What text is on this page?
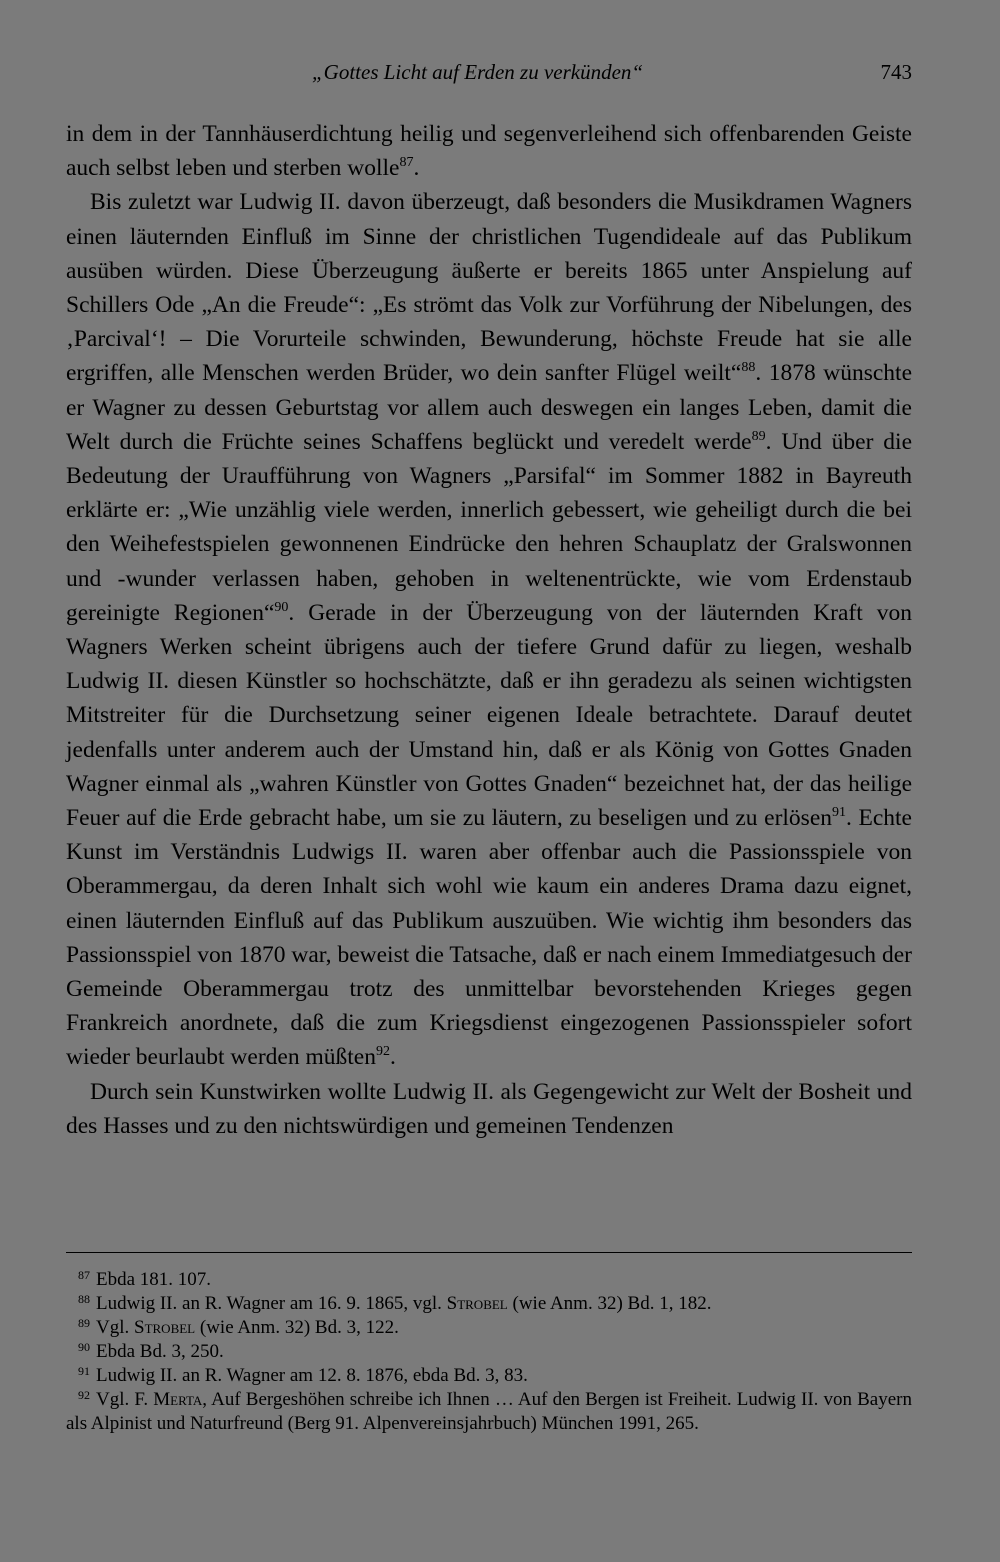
„Gottes Licht auf Erden zu verkünden“	743

in dem in der Tannhäuserdichtung heilig und segenverleihend sich offenbarenden Geiste auch selbst leben und sterben wolle$^{87}$.

Bis zuletzt war Ludwig II. davon überzeugt, daß besonders die Musikdramen Wagners einen läuternden Einfluß im Sinne der christlichen Tugendideale auf das Publikum ausüben würden. Diese Überzeugung äußerte er bereits 1865 unter Anspielung auf Schillers Ode „An die Freude“: „Es strömt das Volk zur Vorführung der Nibelungen, des ‚Parcival‘! – Die Vorurteile schwinden, Bewunderung, höchste Freude hat sie alle ergriffen, alle Menschen werden Brüder, wo dein sanfter Flügel weilt“$^{88}$. 1878 wünschte er Wagner zu dessen Geburtstag vor allem auch deswegen ein langes Leben, damit die Welt durch die Früchte seines Schaffens beglückt und veredelt werde$^{89}$. Und über die Bedeutung der Uraufführung von Wagners „Parsifal“ im Sommer 1882 in Bayreuth erklärte er: „Wie unzählig viele werden, innerlich gebessert, wie geheiligt durch die bei den Weihefestspielen gewonnenen Eindrücke den hehren Schauplatz der Gralswonnen und -wunder verlassen haben, gehoben in weltenentrückte, wie vom Erdenstaub gereinigte Regionen“$^{90}$. Gerade in der Überzeugung von der läuternden Kraft von Wagners Werken scheint übrigens auch der tiefere Grund dafür zu liegen, weshalb Ludwig II. diesen Künstler so hochschätzte, daß er ihn geradezu als seinen wichtigsten Mitstreiter für die Durchsetzung seiner eigenen Ideale betrachtete. Darauf deutet jedenfalls unter anderem auch der Umstand hin, daß er als König von Gottes Gnaden Wagner einmal als „wahren Künstler von Gottes Gnaden“ bezeichnet hat, der das heilige Feuer auf die Erde gebracht habe, um sie zu läutern, zu beseligen und zu erlösen$^{91}$. Echte Kunst im Verständnis Ludwigs II. waren aber offenbar auch die Passionsspiele von Oberammergau, da deren Inhalt sich wohl wie kaum ein anderes Drama dazu eignet, einen läuternden Einfluß auf das Publikum auszuüben. Wie wichtig ihm besonders das Passionsspiel von 1870 war, beweist die Tatsache, daß er nach einem Immediatgesuch der Gemeinde Oberammergau trotz des unmittelbar bevorstehenden Krieges gegen Frankreich anordnete, daß die zum Kriegsdienst eingezogenen Passionsspieler sofort wieder beurlaubt werden müßten$^{92}$.

Durch sein Kunstwirken wollte Ludwig II. als Gegengewicht zur Welt der Bosheit und des Hasses und zu den nichtswürdigen und gemeinen Tendenzen

87 Ebda 181. 107.

88 Ludwig II. an R. Wagner am 16. 9. 1865, vgl. Strobel (wie Anm. 32) Bd. 1, 182.

89 Vgl. Strobel (wie Anm. 32) Bd. 3, 122.

90 Ebda Bd. 3, 250.

91 Ludwig II. an R. Wagner am 12. 8. 1876, ebda Bd. 3, 83.

92 Vgl. F. Merta, Auf Bergeshöhen schreibe ich Ihnen … Auf den Bergen ist Freiheit. Ludwig II. von Bayern als Alpinist und Naturfreund (Berg 91. Alpenvereinsjahrbuch) München 1991, 265.
